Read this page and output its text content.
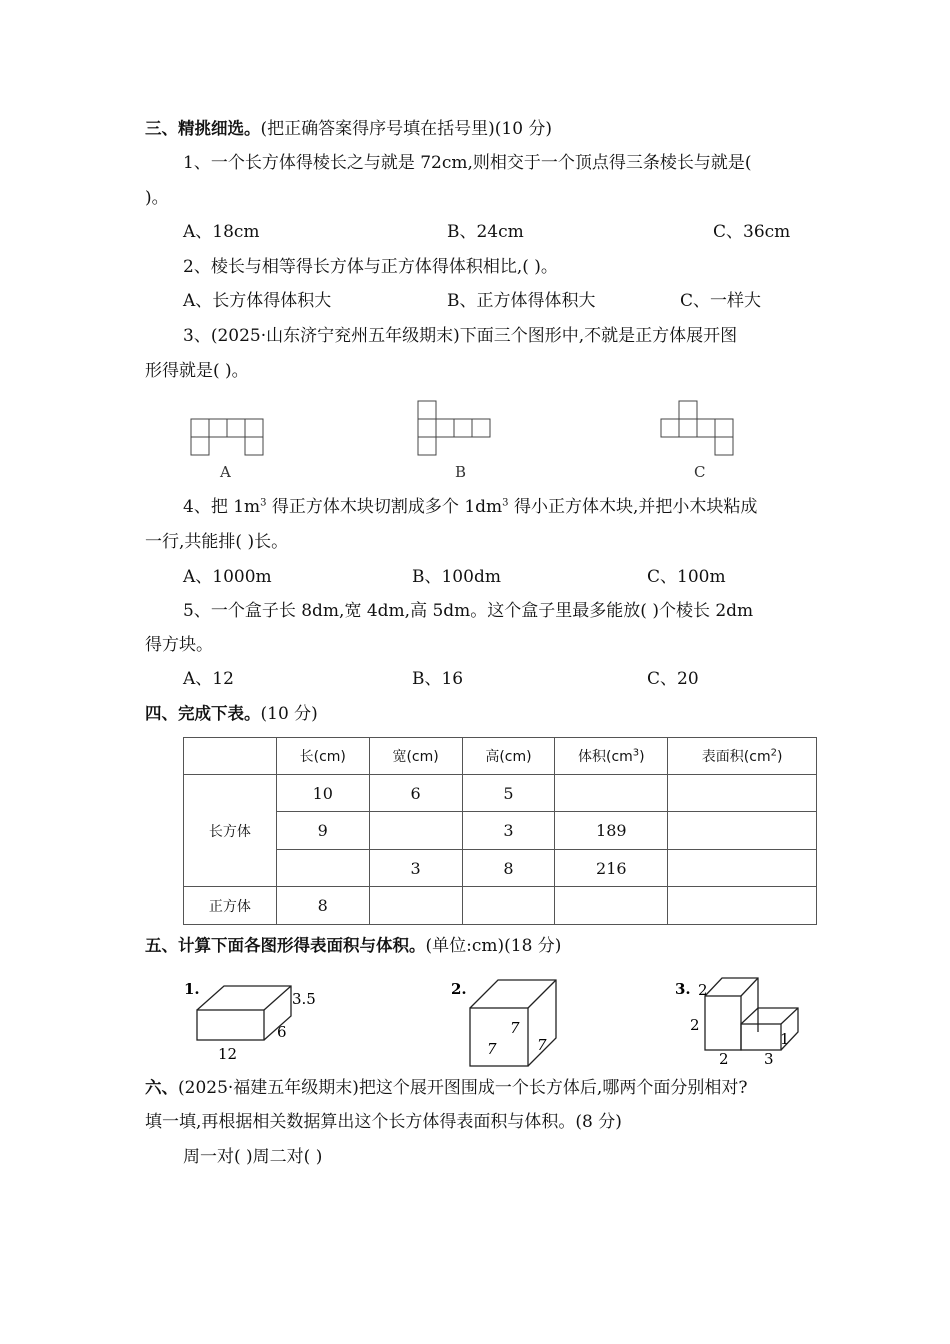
三、精挑细选。(把正确答案得序号填在括号里)(10 分)
1、一个长方体得棱长之与就是 72cm,则相交于一个顶点得三条棱长与就是(
)。
A、18cm	B、24cm	C、36cm
2、棱长与相等得长方体与正方体得体积相比,( )。
A、长方体得体积大	B、正方体得体积大	C、一样大
3、(2025·山东济宁兖州五年级期末)下面三个图形中,不就是正方体展开图
形得就是( )。
A	B	C
4、把 $1m^3$ 得正方体木块切割成多个 $1dm^3$ 得小正方体木块,并把小木块粘成
一行,共能排( )长。
A、1000m	B、100dm	C、100m
5、一个盒子长 8dm,宽 4dm,高 5dm。这个盒子里最多能放( )个棱长 2dm
得方块。
A、12	B、16	C、20
四、完成下表。(10 分)
	长(cm)	宽(cm)	高(cm)	体积$(cm^3)$	表面积$(cm^2)$
长方体	10	6	5		
	9		3	189	
		3	8	216	
正方体	8				
五、计算下面各图形得表面积与体积。(单位:cm)(18 分)
1.
3.5
6
12
2.
7
7	7
3. 2
2
2 3
1
六、(2025·福建五年级期末)把这个展开图围成一个长方体后,哪两个面分别相对?
填一填,再根据相关数据算出这个长方体得表面积与体积。(8 分)
周一对( )周二对( )
